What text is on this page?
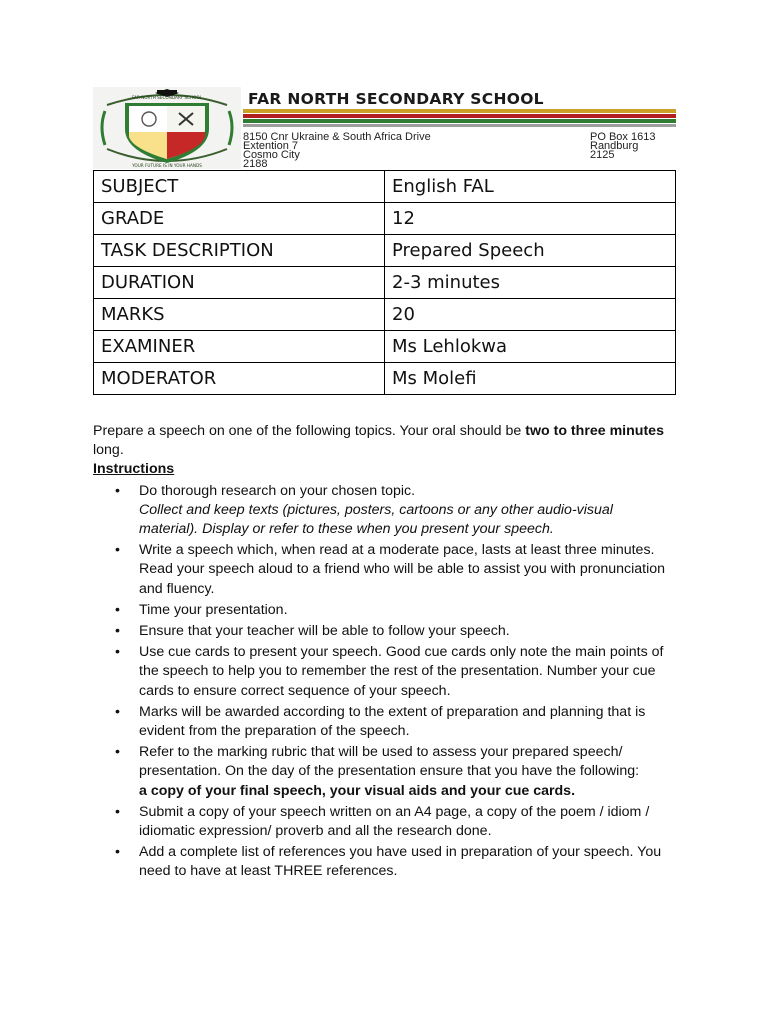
FAR NORTH SECONDARY SCHOOL
YOUR FUTURE IS IN YOUR HANDS
FAR NORTH SECONDARY SCHOOL
8150 Cnr Ukraine & South Africa Drive
Extention 7
Cosmo City
2188
PO Box 1613
Randburg
2125
SUBJECT	English FAL
GRADE	12
TASK DESCRIPTION	Prepared Speech
DURATION	2-3 minutes
MARKS	20
EXAMINER	Ms Lehlokwa
MODERATOR	Ms Molefi

Prepare a speech on one of the following topics. Your oral should be two to three minutes long.

Instructions

• Do thorough research on your chosen topic.
Collect and keep texts (pictures, posters, cartoons or any other audio-visual material). Display or refer to these when you present your speech.
• Write a speech which, when read at a moderate pace, lasts at least three minutes. Read your speech aloud to a friend who will be able to assist you with pronunciation and fluency.
• Time your presentation.
• Ensure that your teacher will be able to follow your speech.
• Use cue cards to present your speech. Good cue cards only note the main points of the speech to help you to remember the rest of the presentation. Number your cue cards to ensure correct sequence of your speech.
• Marks will be awarded according to the extent of preparation and planning that is evident from the preparation of the speech.
• Refer to the marking rubric that will be used to assess your prepared speech/ presentation. On the day of the presentation ensure that you have the following:
a copy of your final speech, your visual aids and your cue cards.
• Submit a copy of your speech written on an A4 page, a copy of the poem / idiom / idiomatic expression/ proverb and all the research done.
• Add a complete list of references you have used in preparation of your speech. You need to have at least THREE references.
